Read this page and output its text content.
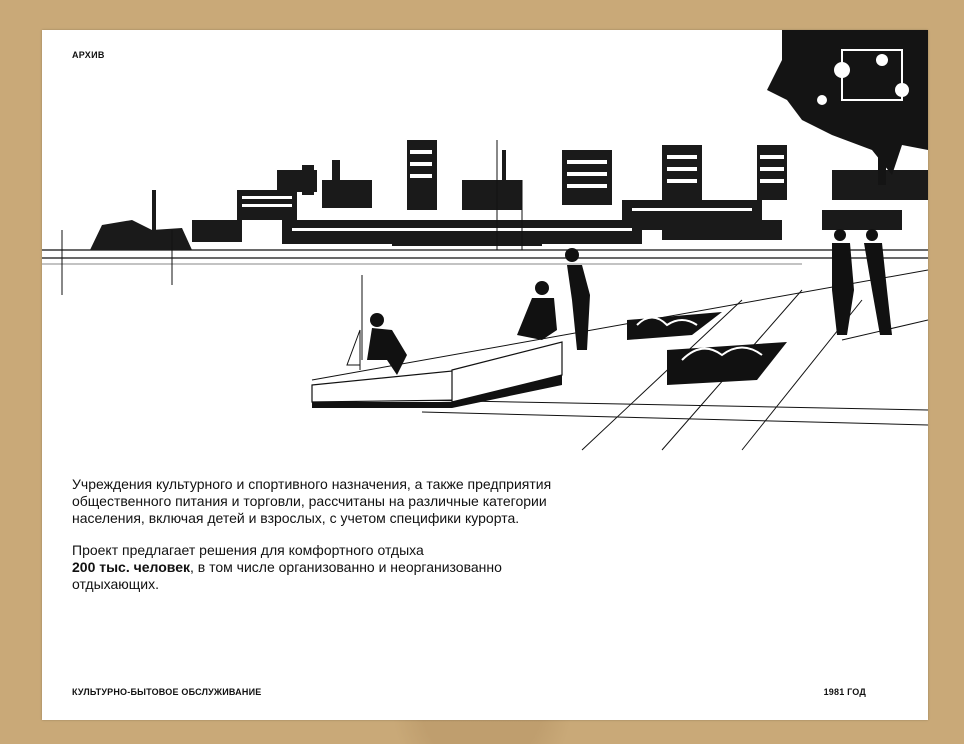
АРХИВ

Учреждения культурного и спортивного назначения, а также предприятия общественного питания и торговли, рассчитаны на различные категории населения, включая детей и взрослых, с учетом специфики курорта.

Проект предлагает решения для комфортного отдыха
200 тыс. человек, в том числе организованно и неорганизованно отдыхающих.

КУЛЬТУРНО-БЫТОВОЕ ОБСЛУЖИВАНИЕ	1981 ГОД
